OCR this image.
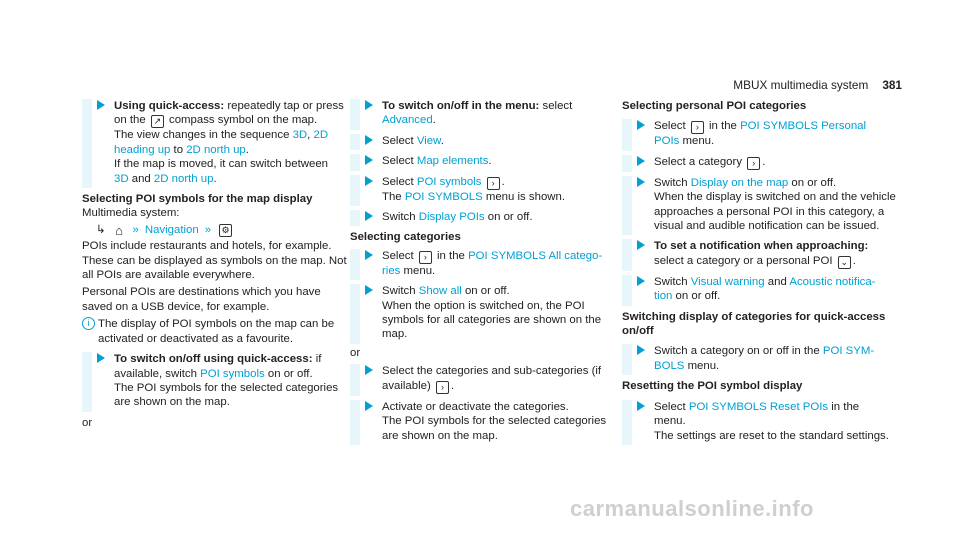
MBUX multimedia system 381
Using quick-access: repeatedly tap or press
on the ↗ compass symbol on the map.
The view changes in the sequence 3D, 2D
heading up to 2D north up.
If the map is moved, it can switch between
3D and 2D north up.
Selecting POI symbols for the map display
Multimedia system:
↳ ⌂ » Navigation » ⚙
POIs include restaurants and hotels, for example. These can be displayed as symbols on the map. Not all POIs are available everywhere.
Personal POIs are destinations which you have saved on a USB device, for example.
i The display of POI symbols on the map can be activated or deactivated as a favourite.
To switch on/off using quick-access: if
available, switch POI symbols on or off.
The POI symbols for the selected categories are shown on the map.
or
To switch on/off in the menu: select
Advanced.
Select View.
Select Map elements.
Select POI symbols › .
The POI SYMBOLS menu is shown.
Switch Display POIs on or off.
Selecting categories
Select › in the POI SYMBOLS All catego-
ries menu.
Switch Show all on or off.
When the option is switched on, the POI symbols for all categories are shown on the map.
or
Select the categories and sub-categories (if
available) › .
Activate or deactivate the categories.
The POI symbols for the selected categories are shown on the map.
Selecting personal POI categories
Select › in the POI SYMBOLS Personal
POIs menu.
Select a category › .
Switch Display on the map on or off.
When the display is switched on and the vehicle approaches a personal POI in this category, a visual and audible notification can be issued.
To set a notification when approaching:
select a category or a personal POI ⌄ .
Switch Visual warning and Acoustic notifica-
tion on or off.
Switching display of categories for quick-access on/off
Switch a category on or off in the POI SYM-
BOLS menu.
Resetting the POI symbol display
Select POI SYMBOLS Reset POIs in the
menu.
The settings are reset to the standard settings.
carmanualsonline.info
